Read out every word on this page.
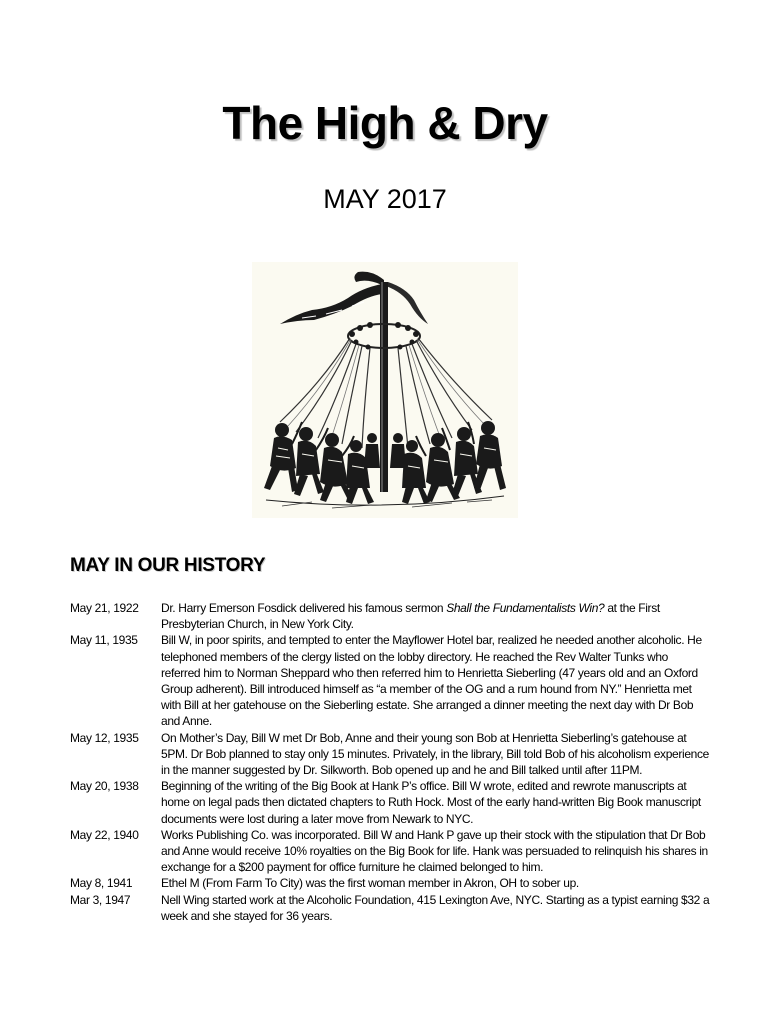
The High & Dry
MAY 2017
MAY IN OUR HISTORY
May 21, 1922	Dr. Harry Emerson Fosdick delivered his famous sermon Shall the Fundamentalists Win? at the First Presbyterian Church, in New York City.
May 11, 1935	Bill W, in poor spirits, and tempted to enter the Mayflower Hotel bar, realized he needed another alcoholic. He telephoned members of the clergy listed on the lobby directory. He reached the Rev Walter Tunks who referred him to Norman Sheppard who then referred him to Henrietta Sieberling (47 years old and an Oxford Group adherent). Bill introduced himself as “a member of the OG and a rum hound from NY.” Henrietta met with Bill at her gatehouse on the Sieberling estate. She arranged a dinner meeting the next day with Dr Bob and Anne.
May 12, 1935	On Mother’s Day, Bill W met Dr Bob, Anne and their young son Bob at Henrietta Sieberling’s gatehouse at 5PM. Dr Bob planned to stay only 15 minutes. Privately, in the library, Bill told Bob of his alcoholism experience in the manner suggested by Dr. Silkworth. Bob opened up and he and Bill talked until after 11PM.
May 20, 1938	Beginning of the writing of the Big Book at Hank P’s office. Bill W wrote, edited and rewrote manuscripts at home on legal pads then dictated chapters to Ruth Hock. Most of the early hand-written Big Book manuscript documents were lost during a later move from Newark to NYC.
May 22, 1940	Works Publishing Co. was incorporated. Bill W and Hank P gave up their stock with the stipulation that Dr Bob and Anne would receive 10% royalties on the Big Book for life. Hank was persuaded to relinquish his shares in exchange for a $200 payment for office furniture he claimed belonged to him.
May 8, 1941	Ethel M (From Farm To City) was the first woman member in Akron, OH to sober up.
Mar 3, 1947	Nell Wing started work at the Alcoholic Foundation, 415 Lexington Ave, NYC. Starting as a typist earning $32 a week and she stayed for 36 years.
